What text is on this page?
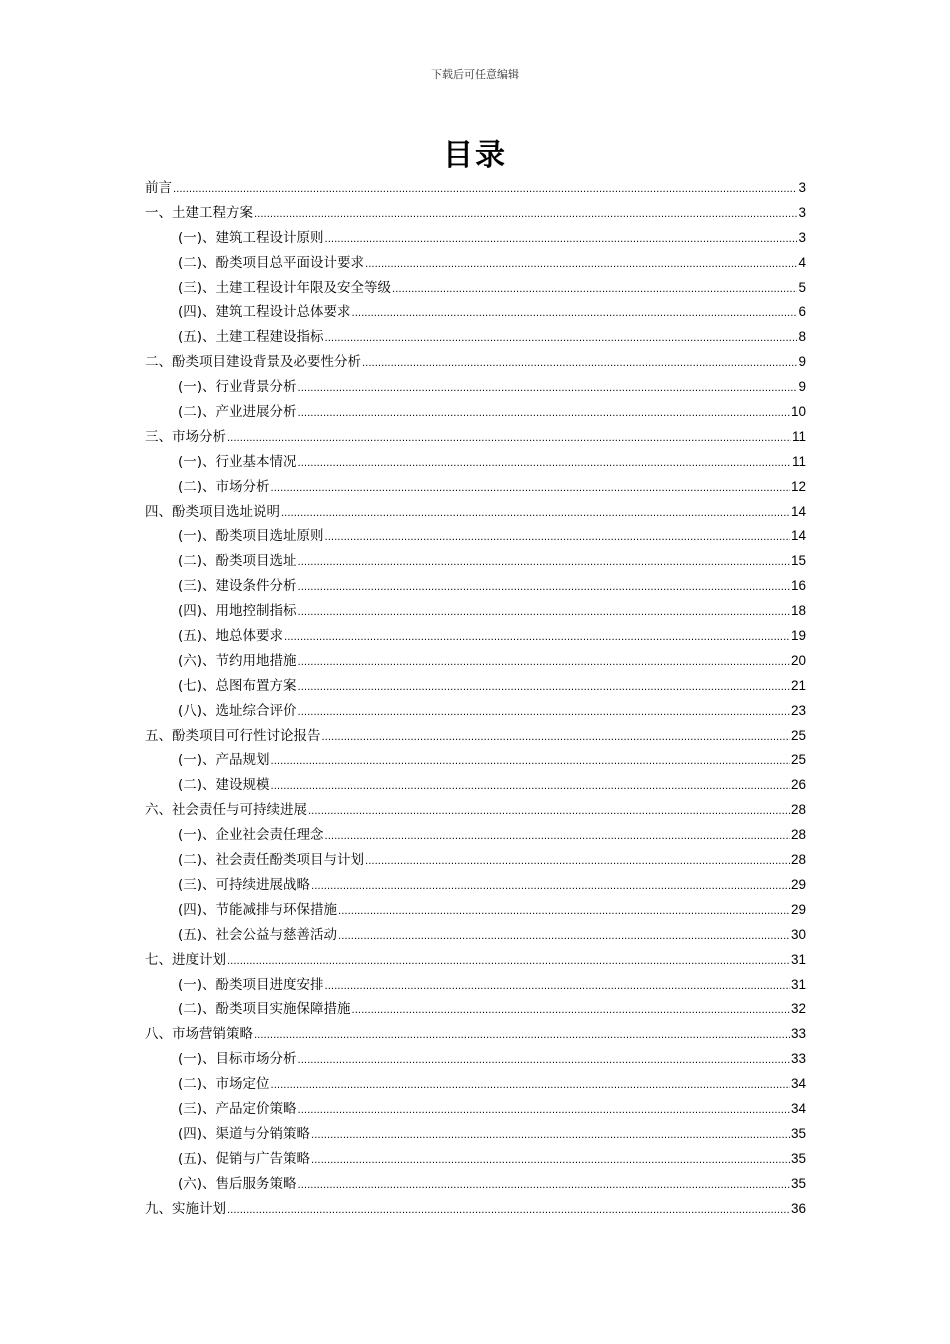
下载后可任意编辑
目录
前言 .....	3
一、土建工程方案 .....	3
(一)、建筑工程设计原则 .....	3
(二)、酚类项目总平面设计要求 .....	4
(三)、土建工程设计年限及安全等级 .....	5
(四)、建筑工程设计总体要求 .....	6
(五)、土建工程建设指标 .....	8
二、酚类项目建设背景及必要性分析 .....	9
(一)、行业背景分析 .....	9
(二)、产业进展分析 .....	10
三、市场分析 .....	11
(一)、行业基本情况 .....	11
(二)、市场分析 .....	12
四、酚类项目选址说明 .....	14
(一)、酚类项目选址原则 .....	14
(二)、酚类项目选址 .....	15
(三)、建设条件分析 .....	16
(四)、用地控制指标 .....	18
(五)、地总体要求 .....	19
(六)、节约用地措施 .....	20
(七)、总图布置方案 .....	21
(八)、选址综合评价 .....	23
五、酚类项目可行性讨论报告 .....	25
(一)、产品规划 .....	25
(二)、建设规模 .....	26
六、社会责任与可持续进展 .....	28
(一)、企业社会责任理念 .....	28
(二)、社会责任酚类项目与计划 .....	28
(三)、可持续进展战略 .....	29
(四)、节能减排与环保措施 .....	29
(五)、社会公益与慈善活动 .....	30
七、进度计划 .....	31
(一)、酚类项目进度安排 .....	31
(二)、酚类项目实施保障措施 .....	32
八、市场营销策略 .....	33
(一)、目标市场分析 .....	33
(二)、市场定位 .....	34
(三)、产品定价策略 .....	34
(四)、渠道与分销策略 .....	35
(五)、促销与广告策略 .....	35
(六)、售后服务策略 .....	35
九、实施计划 .....	36
